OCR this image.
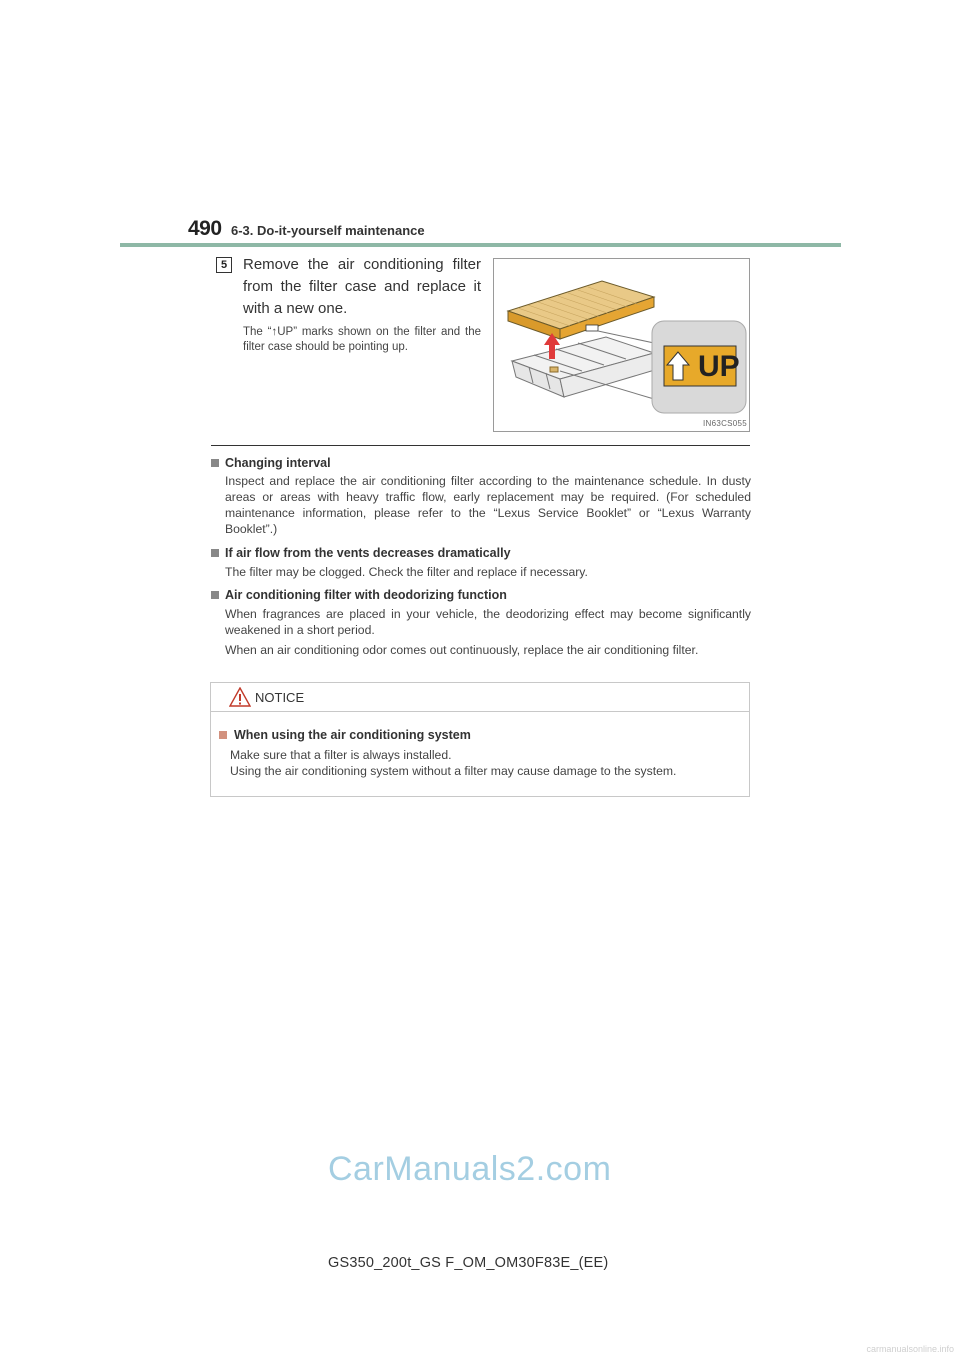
490 6-3. Do-it-yourself maintenance
5	Remove the air conditioning filter from the filter case and replace it with a new one.
The “↑UP” marks shown on the filter and the filter case should be pointing up.
UP
IN63CS055
Changing interval
Inspect and replace the air conditioning filter according to the maintenance schedule. In dusty areas or areas with heavy traffic flow, early replacement may be required. (For scheduled maintenance information, please refer to the “Lexus Service Booklet” or “Lexus Warranty Booklet”.)
If air flow from the vents decreases dramatically
The filter may be clogged. Check the filter and replace if necessary.
Air conditioning filter with deodorizing function
When fragrances are placed in your vehicle, the deodorizing effect may become significantly weakened in a short period.
When an air conditioning odor comes out continuously, replace the air conditioning filter.
NOTICE
When using the air conditioning system
Make sure that a filter is always installed.
Using the air conditioning system without a filter may cause damage to the system.
CarManuals2.com
GS350_200t_GS F_OM_OM30F83E_(EE)
carmanualsonline.info
